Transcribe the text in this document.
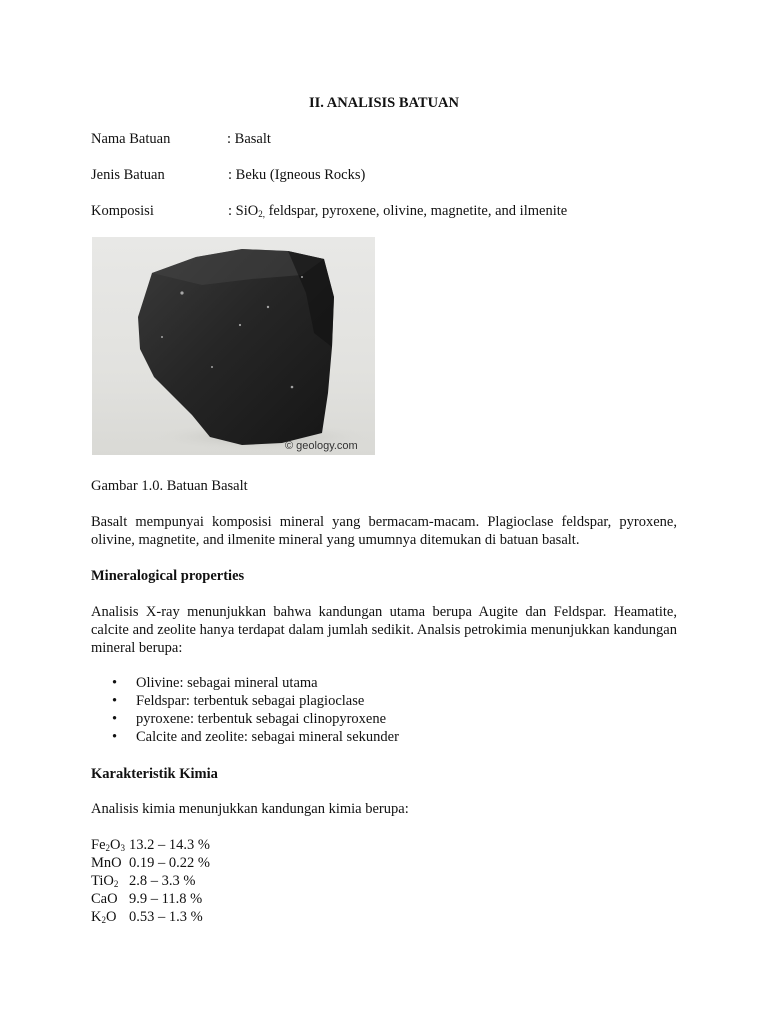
II. ANALISIS BATUAN
Nama Batuan	: Basalt
Jenis Batuan	: Beku (Igneous Rocks)
Komposisi	: SiO$_{2,}$ feldspar, pyroxene, olivine, magnetite, and ilmenite
© geology.com
Gambar 1.0. Batuan Basalt
Basalt mempunyai komposisi mineral yang bermacam-macam. Plagioclase feldspar, pyroxene, olivine, magnetite, and ilmenite mineral yang umumnya ditemukan di batuan basalt.
Mineralogical properties
Analisis X-ray menunjukkan bahwa kandungan utama berupa Augite dan Feldspar. Heamatite, calcite and zeolite hanya terdapat dalam jumlah sedikit. Analsis petrokimia menunjukkan kandungan mineral berupa:
• Olivine: sebagai mineral utama
• Feldspar: terbentuk sebagai plagioclase
• pyroxene: terbentuk sebagai clinopyroxene
• Calcite and zeolite: sebagai mineral sekunder
Karakteristik Kimia
Analisis kimia menunjukkan kandungan kimia berupa:
$Fe_2O_3$ 13.2 – 14.3 %
MnO 0.19 – 0.22 %
TiO$_2$ 2.8 – 3.3 %
CaO 9.9 – 11.8 %
$K_2O$ 0.53 – 1.3 %
